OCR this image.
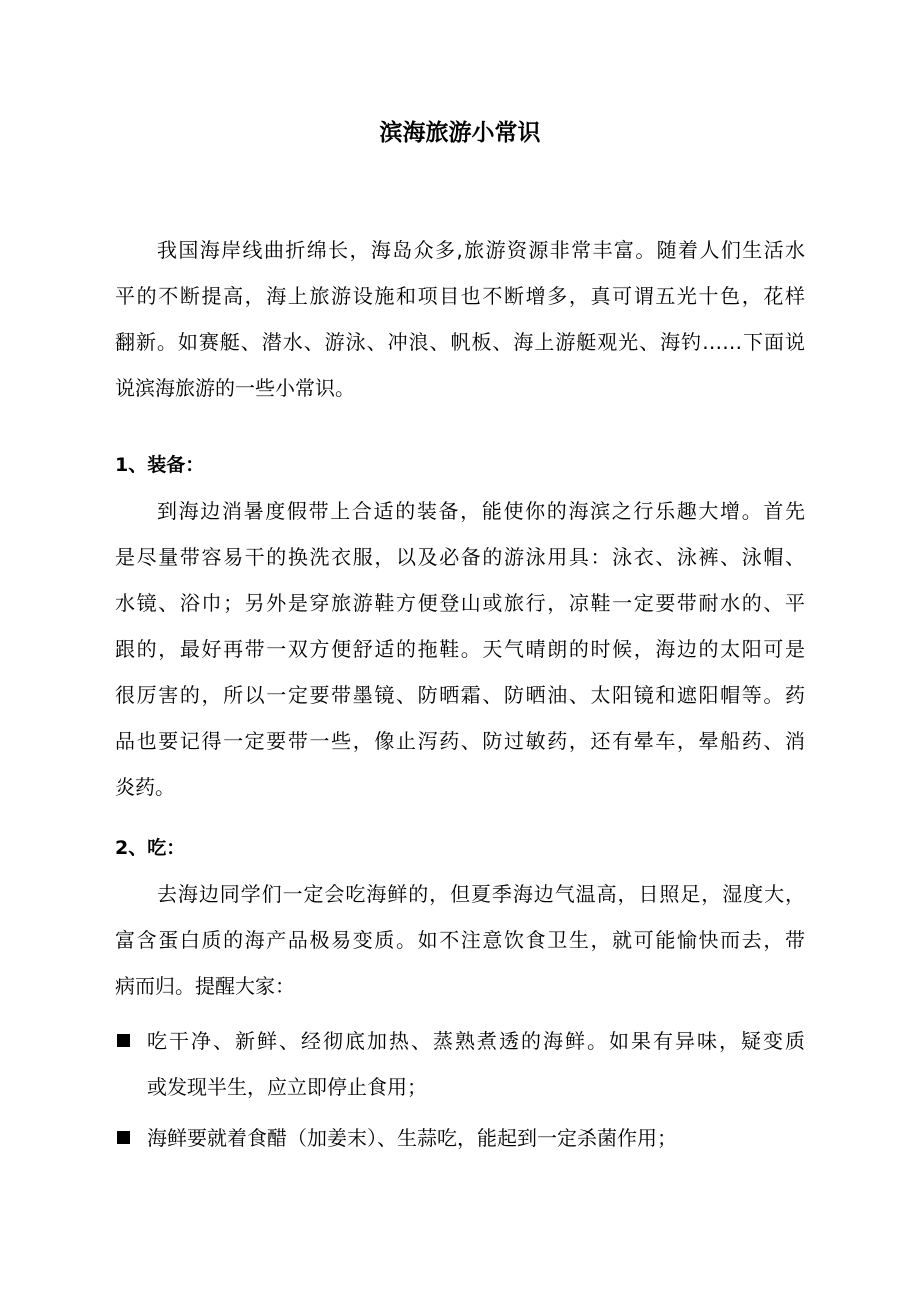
滨海旅游小常识
我国海岸线曲折绵长，海岛众多,旅游资源非常丰富。随着人们生活水
平的不断提高，海上旅游设施和项目也不断增多，真可谓五光十色，花样
翻新。如赛艇、潜水、游泳、冲浪、帆板、海上游艇观光、海钓……下面说
说滨海旅游的一些小常识。
1、装备：
到海边消暑度假带上合适的装备，能使你的海滨之行乐趣大增。首先
是尽量带容易干的换洗衣服，以及必备的游泳用具：泳衣、泳裤、泳帽、
水镜、浴巾；另外是穿旅游鞋方便登山或旅行，凉鞋一定要带耐水的、平
跟的，最好再带一双方便舒适的拖鞋。天气晴朗的时候，海边的太阳可是
很厉害的，所以一定要带墨镜、防晒霜、防晒油、太阳镜和遮阳帽等。药
品也要记得一定要带一些，像止泻药、防过敏药，还有晕车，晕船药、消
炎药。
2、吃：
去海边同学们一定会吃海鲜的，但夏季海边气温高，日照足，湿度大，
富含蛋白质的海产品极易变质。如不注意饮食卫生，就可能愉快而去，带
病而归。提醒大家：
吃干净、新鲜、经彻底加热、蒸熟煮透的海鲜。如果有异味，疑变质
或发现半生，应立即停止食用；
海鲜要就着食醋（加姜末）、生蒜吃，能起到一定杀菌作用；
